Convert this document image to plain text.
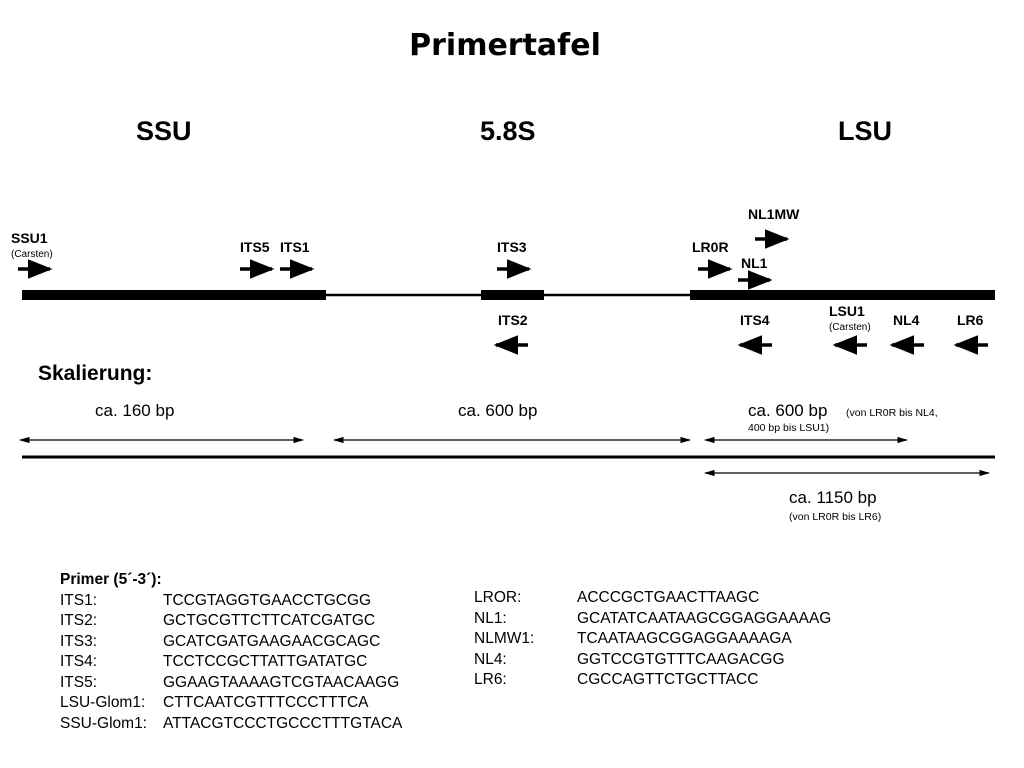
Primertafel
SSU	5.8S	LSU
SSU1
(Carsten)	ITS5 ITS1	ITS3	LR0R
NL1MW
NL1
ITS2	ITS4
LSU1
(Carsten) NL4	LR6
Skalierung:
ca. 160 bp	ca. 600 bp	ca. 600 bp (von LR0R bis NL4,
400 bp bis LSU1)
ca. 1150 bp
(von LR0R bis LR6)
Primer (5´-3´):
ITS1:	TCCGTAGGTGAACCTGCGG
ITS2:	GCTGCGTTCTTCATCGATGC
ITS3:	GCATCGATGAAGAACGCAGC
ITS4:	TCCTCCGCTTATTGATATGC
ITS5:	GGAAGTAAAAGTCGTAACAAGG
LSU-Glom1: CTTCAATCGTTTCCCTTTCA
SSU-Glom1: ATTACGTCCCTGCCCTTTGTACA
LROR:	ACCCGCTGAACTTAAGC
NL1:	GCATATCAATAAGCGGAGGAAAAG
NLMW1:	TCAATAAGCGGAGGAAAAGA
NL4:	GGTCCGTGTTTCAAGACGG
LR6:	CGCCAGTTCTGCTTACC
